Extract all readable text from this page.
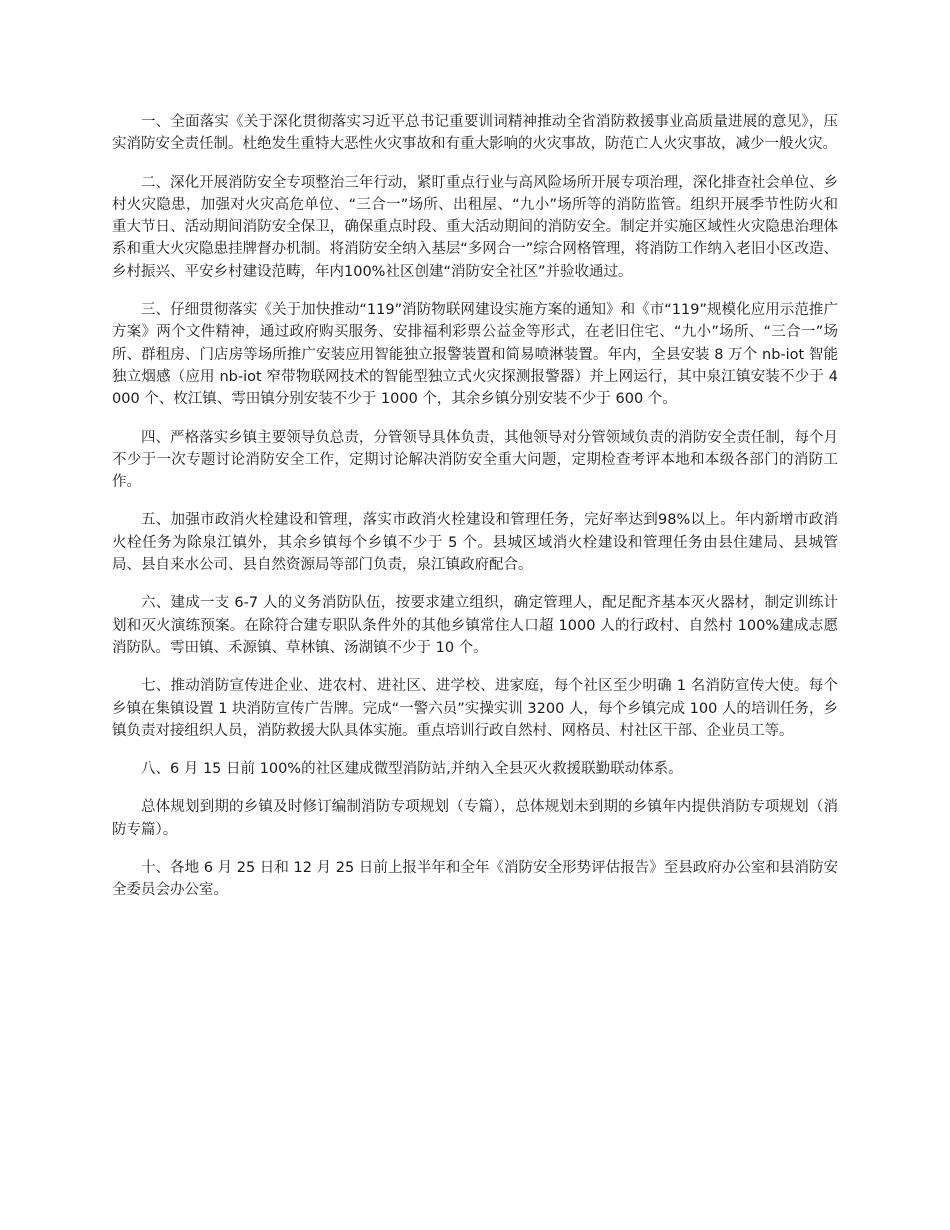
一、全面落实《关于深化贯彻落实习近平总书记重要训词精神推动全省消防救援事业高质量进展的意见》，压实消防安全责任制。杜绝发生重特大恶性火灾事故和有重大影响的火灾事故，防范亡人火灾事故，减少一般火灾。

二、深化开展消防安全专项整治三年行动，紧盯重点行业与高风险场所开展专项治理，深化排查社会单位、乡村火灾隐患，加强对火灾高危单位、“三合一”场所、出租屋、“九小”场所等的消防监管。组织开展季节性防火和重大节日、活动期间消防安全保卫，确保重点时段、重大活动期间的消防安全。制定并实施区域性火灾隐患治理体系和重大火灾隐患挂牌督办机制。将消防安全纳入基层“多网合一”综合网格管理，将消防工作纳入老旧小区改造、乡村振兴、平安乡村建设范畴，年内100%社区创建“消防安全社区”并验收通过。

三、仔细贯彻落实《关于加快推动“119”消防物联网建设实施方案的通知》和《市“119”规模化应用示范推广方案》两个文件精神，通过政府购买服务、安排福利彩票公益金等形式，在老旧住宅、“九小”场所、“三合一”场所、群租房、门店房等场所推广安装应用智能独立报警装置和简易喷淋装置。年内，全县安装 8 万个 nb-iot 智能独立烟感（应用 nb-iot 窄带物联网技术的智能型独立式火灾探测报警器）并上网运行，其中泉江镇安装不少于 4000 个、枚江镇、雩田镇分别安装不少于 1000 个，其余乡镇分别安装不少于 600 个。

四、严格落实乡镇主要领导负总责，分管领导具体负责，其他领导对分管领域负责的消防安全责任制，每个月不少于一次专题讨论消防安全工作，定期讨论解决消防安全重大问题，定期检查考评本地和本级各部门的消防工作。

五、加强市政消火栓建设和管理，落实市政消火栓建设和管理任务，完好率达到98%以上。年内新增市政消火栓任务为除泉江镇外，其余乡镇每个乡镇不少于 5 个。县城区域消火栓建设和管理任务由县住建局、县城管局、县自来水公司、县自然资源局等部门负责，泉江镇政府配合。

六、建成一支 6-7 人的义务消防队伍，按要求建立组织，确定管理人，配足配齐基本灭火器材，制定训练计划和灭火演练预案。在除符合建专职队条件外的其他乡镇常住人口超 1000 人的行政村、自然村 100%建成志愿消防队。雩田镇、禾源镇、草林镇、汤湖镇不少于 10 个。

七、推动消防宣传进企业、进农村、进社区、进学校、进家庭，每个社区至少明确 1 名消防宣传大使。每个乡镇在集镇设置 1 块消防宣传广告牌。完成“一警六员”实操实训 3200 人，每个乡镇完成 100 人的培训任务，乡镇负责对接组织人员，消防救援大队具体实施。重点培训行政自然村、网格员、村社区干部、企业员工等。

八、6 月 15 日前 100%的社区建成微型消防站,并纳入全县灭火救援联勤联动体系。

总体规划到期的乡镇及时修订编制消防专项规划（专篇），总体规划未到期的乡镇年内提供消防专项规划（消防专篇）。

十、各地 6 月 25 日和 12 月 25 日前上报半年和全年《消防安全形势评估报告》至县政府办公室和县消防安全委员会办公室。
